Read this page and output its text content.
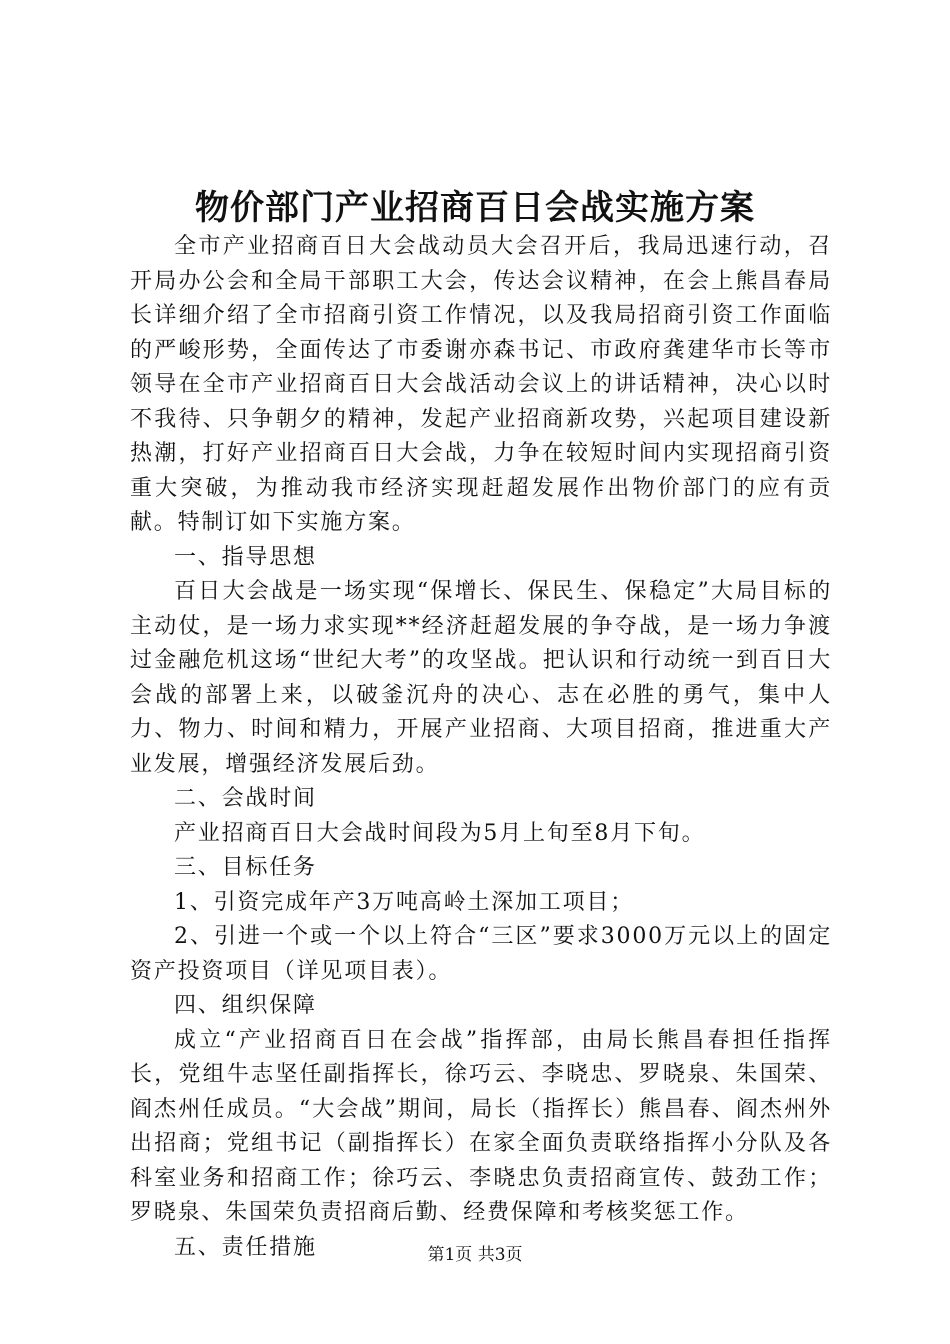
物价部门产业招商百日会战实施方案

全市产业招商百日大会战动员大会召开后，我局迅速行动，召开局办公会和全局干部职工大会，传达会议精神，在会上熊昌春局长详细介绍了全市招商引资工作情况，以及我局招商引资工作面临的严峻形势，全面传达了市委谢亦森书记、市政府龚建华市长等市领导在全市产业招商百日大会战活动会议上的讲话精神，决心以时不我待、只争朝夕的精神，发起产业招商新攻势，兴起项目建设新热潮，打好产业招商百日大会战，力争在较短时间内实现招商引资重大突破，为推动我市经济实现赶超发展作出物价部门的应有贡献。特制订如下实施方案。

一、指导思想

百日大会战是一场实现“保增长、保民生、保稳定”大局目标的主动仗，是一场力求实现**经济赶超发展的争夺战，是一场力争渡过金融危机这场“世纪大考”的攻坚战。把认识和行动统一到百日大会战的部署上来，以破釜沉舟的决心、志在必胜的勇气，集中人力、物力、时间和精力，开展产业招商、大项目招商，推进重大产业发展，增强经济发展后劲。

二、会战时间

产业招商百日大会战时间段为5月上旬至8月下旬。

三、目标任务

1、引资完成年产3万吨高岭土深加工项目；

2、引进一个或一个以上符合“三区”要求3000万元以上的固定资产投资项目（详见项目表）。

四、组织保障

成立“产业招商百日在会战”指挥部，由局长熊昌春担任指挥长，党组牛志坚任副指挥长，徐巧云、李晓忠、罗晓泉、朱国荣、阎杰州任成员。“大会战”期间，局长（指挥长）熊昌春、阎杰州外出招商；党组书记（副指挥长）在家全面负责联络指挥小分队及各科室业务和招商工作；徐巧云、李晓忠负责招商宣传、鼓劲工作；罗晓泉、朱国荣负责招商后勤、经费保障和考核奖惩工作。

五、责任措施	第1页 共3页
